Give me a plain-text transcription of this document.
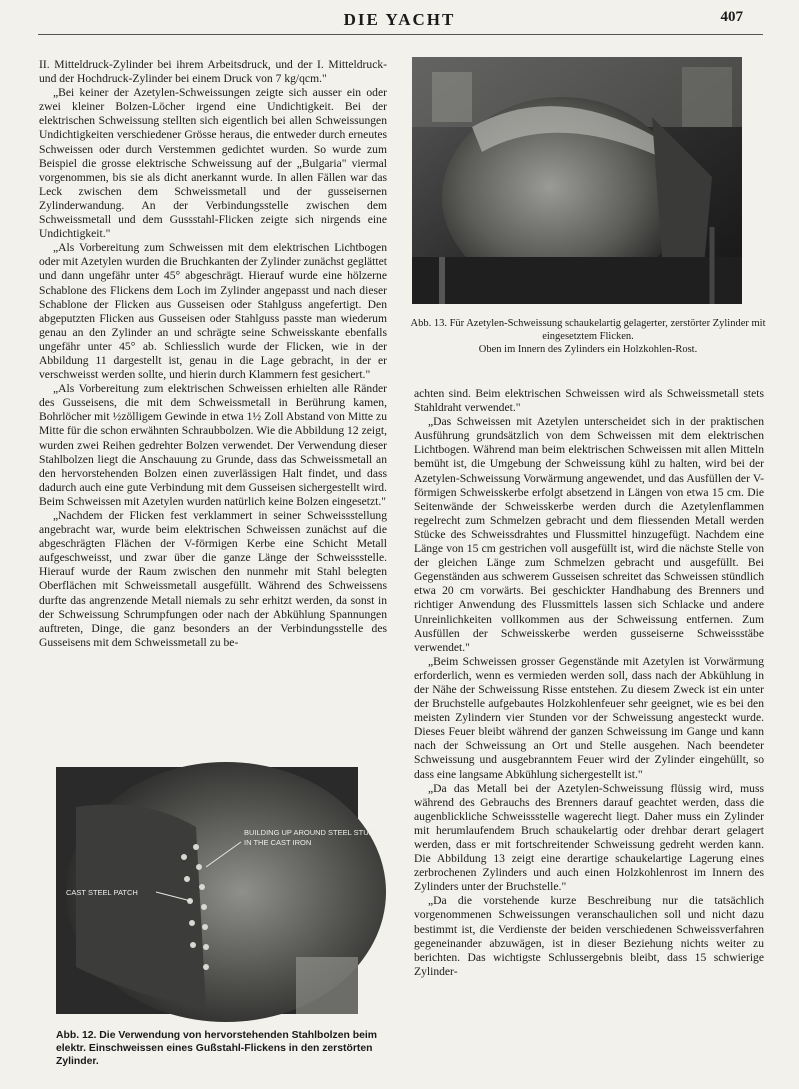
DIE YACHT	407

II. Mitteldruck-Zylinder bei ihrem Arbeitsdruck, und der I. Mitteldruck- und der Hochdruck-Zylinder bei einem Druck von 7 kg/qcm."

„Bei keiner der Azetylen-Schweissungen zeigte sich ausser ein oder zwei kleiner Bolzen-Löcher irgend eine Undichtigkeit. Bei der elektrischen Schweissung stellten sich eigentlich bei allen Schweissungen Undichtigkeiten verschiedener Grösse heraus, die entweder durch erneutes Schweissen oder durch Verstemmen gedichtet wurden. So wurde zum Beispiel die grosse elektrische Schweissung auf der „Bulgaria" viermal vorgenommen, bis sie als dicht anerkannt wurde. In allen Fällen war das Leck zwischen dem Schweissmetall und der gusseisernen Zylinderwandung. An der Verbindungsstelle zwischen dem Schweissmetall und dem Gussstahl-Flicken zeigte sich nirgends eine Undichtigkeit."

„Als Vorbereitung zum Schweissen mit dem elektrischen Lichtbogen oder mit Azetylen wurden die Bruchkanten der Zylinder zunächst geglättet und dann ungefähr unter 45° abgeschrägt. Hierauf wurde eine hölzerne Schablone des Flickens dem Loch im Zylinder angepasst und nach dieser Schablone der Flicken aus Gusseisen oder Stahlguss angefertigt. Den abgeputzten Flicken aus Gusseisen oder Stahlguss passte man wiederum genau an den Zylinder an und schrägte seine Schweisskante ebenfalls ungefähr unter 45° ab. Schliesslich wurde der Flicken, wie in der Abbildung 11 dargestellt ist, genau in die Lage gebracht, in der er verschweisst werden sollte, und hierin durch Klammern fest gesichert."

„Als Vorbereitung zum elektrischen Schweissen erhielten alle Ränder des Gusseisens, die mit dem Schweissmetall in Berührung kamen, Bohrlöcher mit ½zölligem Gewinde in etwa 1½ Zoll Abstand von Mitte zu Mitte für die schon erwähnten Schraubbolzen. Wie die Abbildung 12 zeigt, wurden zwei Reihen gedrehter Bolzen verwendet. Der Verwendung dieser Stahlbolzen liegt die Anschauung zu Grunde, dass das Schweissmetall an den hervorstehenden Bolzen einen zuverlässigen Halt findet, und dass dadurch auch eine gute Verbindung mit dem Gusseisen sichergestellt wird. Beim Schweissen mit Azetylen wurden natürlich keine Bolzen eingesetzt."

„Nachdem der Flicken fest verklammert in seiner Schweissstellung angebracht war, wurde beim elektrischen Schweissen zunächst auf die abgeschrägten Flächen der V-förmigen Kerbe eine Schicht Metall aufgeschweisst, und zwar über die ganze Länge der Schweissstelle. Hierauf wurde der Raum zwischen den nunmehr mit Stahl belegten Oberflächen mit Schweissmetall ausgefüllt. Während des Schweissens durfte das angrenzende Metall niemals zu sehr erhitzt werden, da sonst in der Schweissung Schrumpfungen oder nach der Abkühlung Spannungen auftreten, Dinge, die ganz besonders an der Verbindungsstelle des Gusseisens mit dem Schweissmetall zu be-

Abb. 13. Für Azetylen-Schweissung schaukelartig gelagerter, zerstörter Zylinder mit eingesetztem Flicken.
Oben im Innern des Zylinders ein Holzkohlen-Rost.

achten sind. Beim elektrischen Schweissen wird als Schweissmetall stets Stahldraht verwendet."

„Das Schweissen mit Azetylen unterscheidet sich in der praktischen Ausführung grundsätzlich von dem Schweissen mit dem elektrischen Lichtbogen. Während man beim elektrischen Schweissen mit allen Mitteln bemüht ist, die Umgebung der Schweissung kühl zu halten, wird bei der Azetylen-Schweissung Vorwärmung angewendet, und das Ausfüllen der V-förmigen Schweisskerbe erfolgt absetzend in Längen von etwa 15 cm. Die Seitenwände der Schweisskerbe werden durch die Azetylenflammen regelrecht zum Schmelzen gebracht und dem fliessenden Metall werden Stücke des Schweissdrahtes und Flussmittel hinzugefügt. Nachdem eine Länge von 15 cm gestrichen voll ausgefüllt ist, wird die nächste Stelle von der gleichen Länge zum Schmelzen gebracht und ausgefüllt. Bei Gegenständen aus schwerem Gusseisen schreitet das Schweissen stündlich etwa 20 cm vorwärts. Bei geschickter Handhabung des Brenners und richtiger Anwendung des Flussmittels lassen sich Schlacke und andere Unreinlichkeiten vollkommen aus der Schweissung entfernen. Zum Ausfüllen der Schweisskerbe werden gusseiserne Schweissstäbe verwendet."

„Beim Schweissen grosser Gegenstände mit Azetylen ist Vorwärmung erforderlich, wenn es vermieden werden soll, dass nach der Abkühlung in der Nähe der Schweissung Risse entstehen. Zu diesem Zweck ist ein unter der Bruchstelle aufgebautes Holzkohlenfeuer sehr geeignet, wie es bei den meisten Zylindern vier Stunden vor der Schweissung angesteckt wurde. Dieses Feuer bleibt während der ganzen Schweissung im Gange und kann nach der Schweissung an Ort und Stelle ausgehen. Nach beendeter Schweissung und ausgebranntem Feuer wird der Zylinder eingehüllt, so dass eine langsame Abkühlung sichergestellt ist."

„Da das Metall bei der Azetylen-Schweissung flüssig wird, muss während des Gebrauchs des Brenners darauf geachtet werden, dass die augenblickliche Schweissstelle wagerecht liegt. Daher muss ein Zylinder mit herumlaufendem Bruch schaukelartig oder drehbar derart gelagert werden, dass er mit fortschreitender Schweissung gedreht werden kann. Die Abbildung 13 zeigt eine derartige schaukelartige Lagerung eines zerbrochenen Zylinders und auch einen Holzkohlenrost im Innern des Zylinders unter der Bruchstelle."

„Da die vorstehende kurze Beschreibung nur die tatsächlich vorgenommenen Schweissungen veranschaulichen soll und nicht dazu bestimmt ist, die Verdienste der beiden verschiedenen Schweissverfahren gegeneinander abzuwägen, ist in dieser Beziehung nichts weiter zu berichten. Das wichtigste Schlussergebnis bleibt, dass 15 schwierige Zylinder-

BUILDING UP AROUND STEEL STUDS
IN THE CAST IRON
CAST STEEL PATCH
Abb. 12. Die Verwendung von hervorstehenden Stahlbolzen beim elektr. Einschweissen eines Gußstahl-Flickens in den zerstörten Zylinder.
